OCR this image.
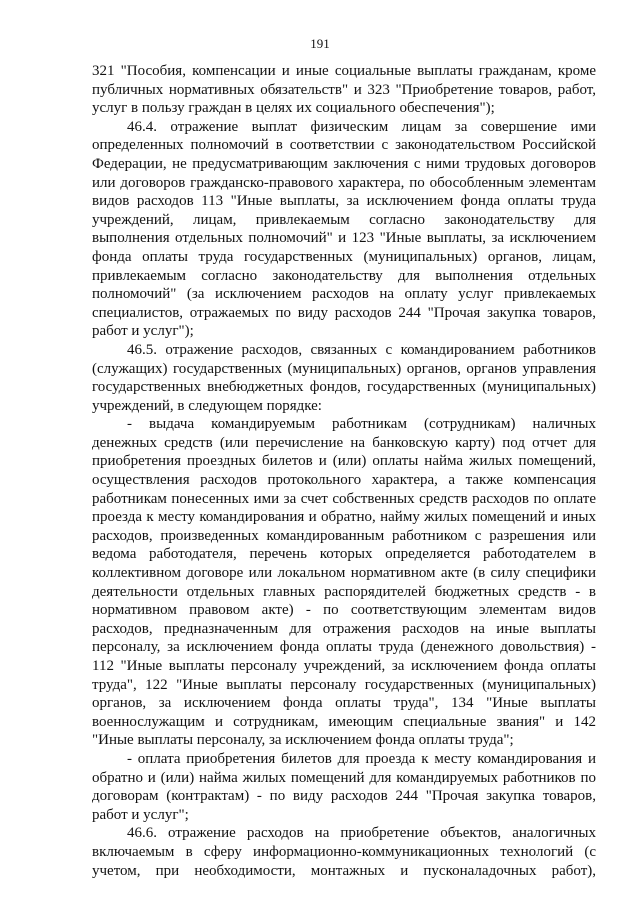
191
321 "Пособия, компенсации и иные социальные выплаты гражданам, кроме
публичных нормативных обязательств" и 323 "Приобретение товаров, работ,
услуг в пользу граждан в целях их социального обеспечения");
46.4. отражение выплат физическим лицам за совершение ими
определенных полномочий в соответствии с законодательством Российской
Федерации, не предусматривающим заключения с ними трудовых договоров
или договоров гражданско-правового характера, по обособленным элементам
видов расходов 113 "Иные выплаты, за исключением фонда оплаты труда
учреждений, лицам, привлекаемым согласно законодательству для
выполнения отдельных полномочий" и 123 "Иные выплаты, за исключением
фонда оплаты труда государственных (муниципальных) органов, лицам,
привлекаемым согласно законодательству для выполнения отдельных
полномочий" (за исключением расходов на оплату услуг привлекаемых
специалистов, отражаемых по виду расходов 244 "Прочая закупка товаров,
работ и услуг");
46.5. отражение расходов, связанных с командированием работников
(служащих) государственных (муниципальных) органов, органов управления
государственных внебюджетных фондов, государственных (муниципальных)
учреждений, в следующем порядке:
- выдача командируемым работникам (сотрудникам) наличных
денежных средств (или перечисление на банковскую карту) под отчет для
приобретения проездных билетов и (или) оплаты найма жилых помещений,
осуществления расходов протокольного характера, а также компенсация
работникам понесенных ими за счет собственных средств расходов по оплате
проезда к месту командирования и обратно, найму жилых помещений и иных
расходов, произведенных командированным работником с разрешения или
ведома работодателя, перечень которых определяется работодателем в
коллективном договоре или локальном нормативном акте (в силу специфики
деятельности отдельных главных распорядителей бюджетных средств - в
нормативном правовом акте) - по соответствующим элементам видов
расходов, предназначенным для отражения расходов на иные выплаты
персоналу, за исключением фонда оплаты труда (денежного довольствия) -
112 "Иные выплаты персоналу учреждений, за исключением фонда оплаты
труда", 122 "Иные выплаты персоналу государственных (муниципальных)
органов, за исключением фонда оплаты труда", 134 "Иные выплаты
военнослужащим и сотрудникам, имеющим специальные звания" и 142
"Иные выплаты персоналу, за исключением фонда оплаты труда";
- оплата приобретения билетов для проезда к месту командирования и
обратно и (или) найма жилых помещений для командируемых работников по
договорам (контрактам) - по виду расходов 244 "Прочая закупка товаров,
работ и услуг";
46.6. отражение расходов на приобретение объектов, аналогичных
включаемым в сферу информационно-коммуникационных технологий (с
учетом, при необходимости, монтажных и пусконаладочных работ),
